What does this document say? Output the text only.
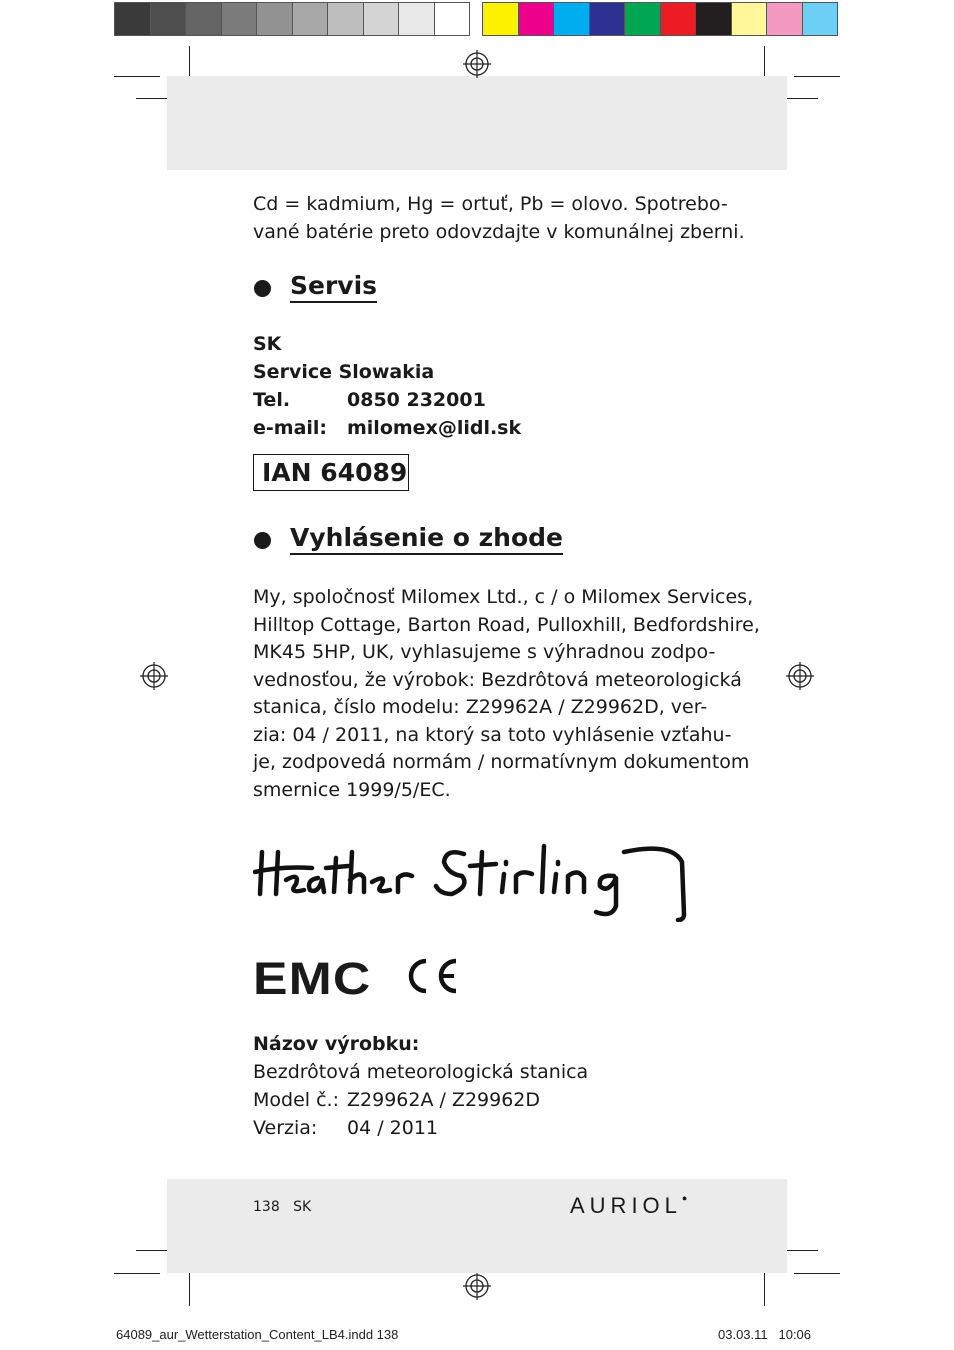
Cd = kadmium, Hg = ortuť, Pb = olovo. Spotrebo-
vané batérie preto odovzdajte v komunálnej zberni.
Servis
SK
Service Slowakia
Tel.	0850 232001
e-mail:	milomex@lidl.sk
IAN 64089
Vyhlásenie o zhode
My, spoločnosť Milomex Ltd., c / o Milomex Services,
Hilltop Cottage, Barton Road, Pulloxhill, Bedfordshire,
MK45 5HP, UK, vyhlasujeme s výhradnou zodpo-
vednosťou, že výrobok: Bezdrôtová meteorologická
stanica, číslo modelu: Z29962A / Z29962D, ver-
zia: 04 / 2011, na ktorý sa toto vyhlásenie vzťahu-
je, zodpovedá normám / normatívnym dokumentom
smernice 1999/5/EC.
EMC
Názov výrobku:
Bezdrôtová meteorologická stanica
Model č.: Z29962A / Z29962D
Verzia:	04 / 2011
138 SK	AURIOL●
64089_aur_Wetterstation_Content_LB4.indd 138	03.03.11 10:06
